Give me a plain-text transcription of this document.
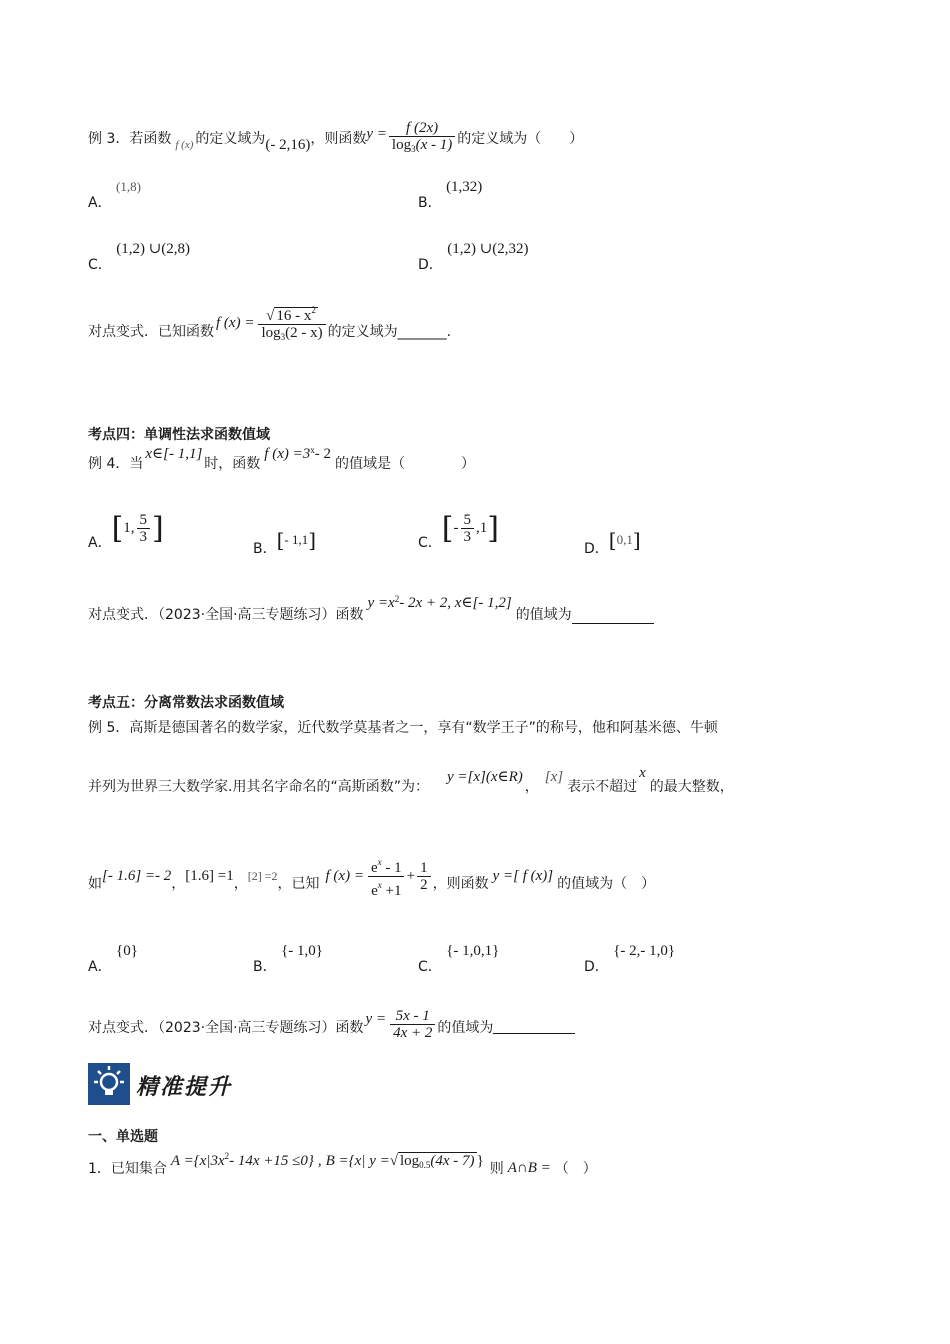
例 3．若函数 f (x) 的定义域为 (- 2,16) ，则函数 $y = \frac{f (2x)}{\log_3(x - 1)}$ 的定义域为（　　）
A． (1,8)
B． (1,32)
C． (1,2) ∪(2,8)
D． (1,2) ∪(2,32)
对点变式．已知函数
f $(x) = \frac{√ 16 - x^2}{\log_3(2 - x)}$ 的定义域为_______.
考点四：单调性法求函数值域
例 4．当
x∈[- 1,1]
时，函数
f (x) =3 x - 2
的值域是（　　　　）
A． [ 1, $\frac{5}{3}$ ]
B． [ - 1,1 ]	C． [ - $\frac{5}{3} ,1$ ]
D． [ 0,1 ]
对点变式．（2023·全国·高三专题练习）函数
y =x 2 - 2x + 2, x∈[- 1,2]
的值域为
考点五：分离常数法求函数值域
例 5．高斯是德国著名的数学家，近代数学莫基者之一，享有“数学王子”的称号，他和阿基米德、牛顿
并列为世界三大数学家.用其名字命名的“高斯函数”为：
y =[x](x∈R)
，
[x]
表示不超过
x
的最大整数，
如
[- 1.6] =- 2
，
[1.6] =1
，
[2] =2
，已知
f $(x) = \frac{e^x - 1}{e^x +1} + \frac{1}{2}$ ，则函数
y =[ f (x)]
的值域为（　）
A． {0}
B． {- 1,0}
C． {- 1,0,1}
D． {- 2,- 1,0}
对点变式．（2023·全国·高三专题练习）函数
$y = \frac{5x - 1}{4x + 2}$ 的值域为
精准提升
一、单选题
1．已知集合
A ={x|3x 2 - 14x +15 ≤0} , B ={x| y = √ $\log_{0.5}(4x - 7)$ }
则 A∩B = （　）
